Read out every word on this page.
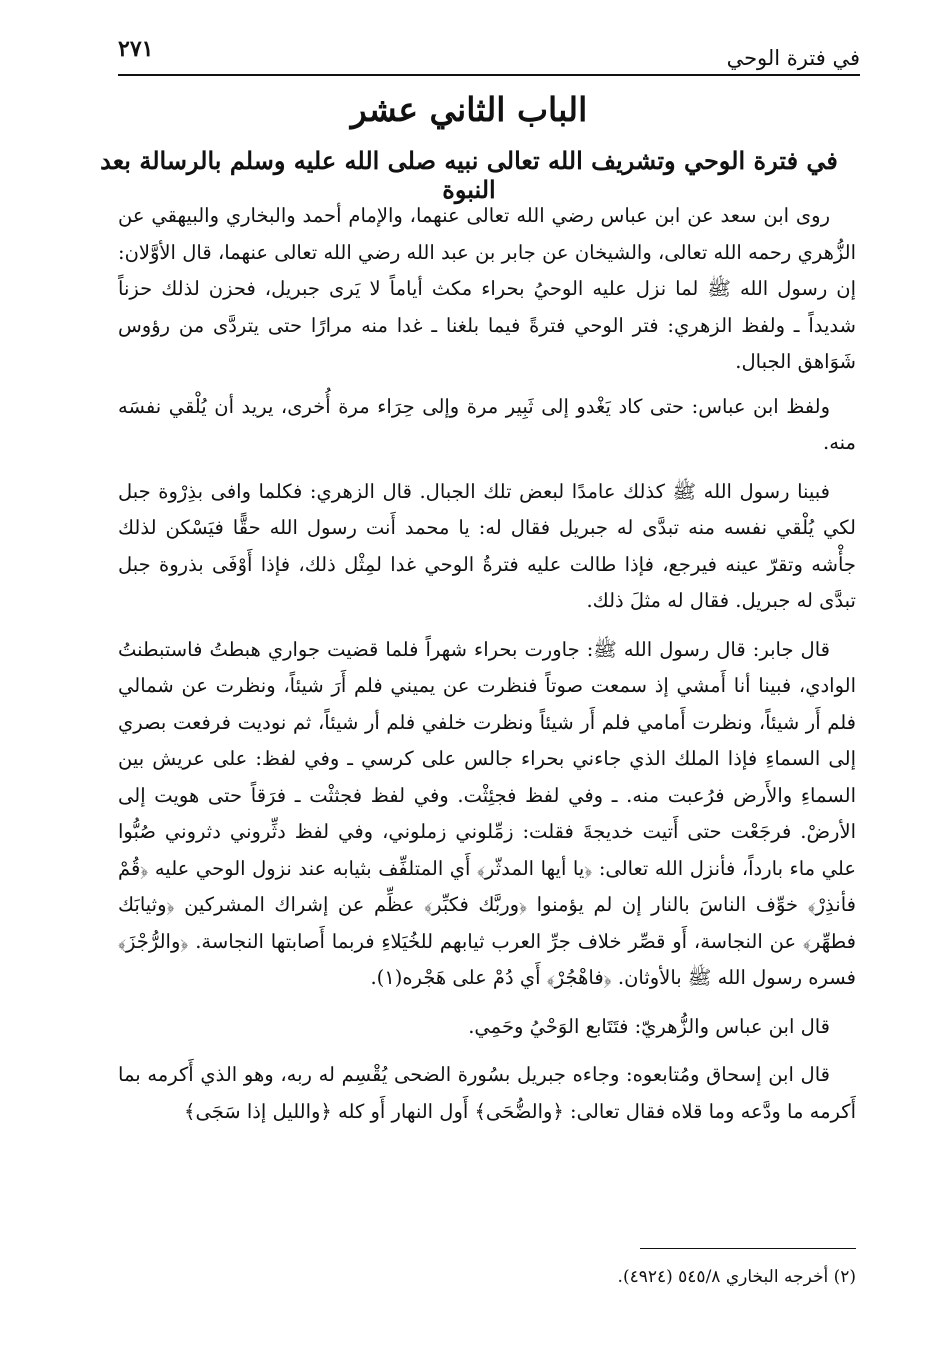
في فترة الوحي
٢٧١
الباب الثاني عشر
في فترة الوحي وتشريف الله تعالى نبيه صلى الله عليه وسلم بالرسالة بعد النبوة

روى ابن سعد عن ابن عباس رضي الله تعالى عنهما، والإمام أحمد والبخاري والبيهقي عن الزُّهري رحمه الله تعالى، والشيخان عن جابر بن عبد الله رضي الله تعالى عنهما، قال الأوَّلان: إن رسول الله ﷺ لما نزل عليه الوحيُ بحراء مكث أياماً لا يَرى جبريل، فحزن لذلك حزناً شديداً ـ ولفظ الزهري: فتر الوحي فترةً فيما بلغنا ـ غدا منه مرارًا حتى يتردَّى من رؤوس شَوَاهق الجبال.

ولفظ ابن عباس: حتى كاد يَغْدو إلى ثَبِير مرة وإلى حِرَاء مرة أُخرى، يريد أن يُلْقي نفسَه منه.

فبينا رسول الله ﷺ كذلك عامدًا لبعض تلك الجبال. قال الزهري: فكلما وافى بذِرْوة جبل لكي يُلْقي نفسه منه تبدَّى له جبريل فقال له: يا محمد أَنت رسول الله حقًّا فيَسْكن لذلك جأْشه وتقرّ عينه فيرجع، فإذا طالت عليه فترةُ الوحي غدا لمِثْل ذلك، فإذا أَوْفَى بذروة جبل تبدَّى له جبريل. فقال له مثلَ ذلك.

قال جابر: قال رسول الله ﷺ: جاورت بحراء شهراً فلما قضيت جواري هبطتُ فاستبطنتُ الوادي، فبينا أنا أَمشي إذ سمعت صوتاً فنظرت عن يميني فلم أَرَ شيئاً، ونظرت عن شمالي فلم أَر شيئاً، ونظرت أَمامي فلم أَر شيئاً ونظرت خلفي فلم أر شيئاً، ثم نوديت فرفعت بصري إلى السماءِ فإذا الملك الذي جاءني بحراء جالس على كرسي ـ وفي لفظ: على عريش بين السماءِ والأَرض فرُعبت منه. ـ وفي لفظ فجئِثْت. وفي لفظ فجثثْت ـ فرَقاً حتى هويت إلى الأرضْ. فرجَعْت حتى أَتيت خديجةَ فقلت: زمِّلوني زملوني، وفي لفظ دثِّروني دثروني صُبُّوا علي ماء بارداً، فأنزل الله تعالى: ﴿يا أيها المدثّر﴾ أَي المتلفِّف بثيابه عند نزول الوحي عليه ﴿قُمْ فأنذِرْ﴾ خوِّف الناسَ بالنار إن لم يؤمنوا ﴿وربَّك فكبِّر﴾ عظِّم عن إشراك المشركين ﴿وثيابَك فطهِّر﴾ عن النجاسة، أَو قصِّر خلاف جرِّ العرب ثيابهم للخُيَلاءِ فربما أَصابتها النجاسة. ﴿والرُّجْزَ﴾ فسره رسول الله ﷺ بالأوثان. ﴿فاهْجُرْ﴾ أَي دُمْ على هَجْره(١).

قال ابن عباس والزُّهريّ: فتَتَابع الوَحْيُ وحَمِي.

قال ابن إسحاق ومُتابعوه: وجاءه جبريل بسُورة الضحى يُقْسِم له ربه، وهو الذي أَكرمه بما أَكرمه ما ودَّعه وما قلاه فقال تعالى: ﴿والضُّحَى﴾ أَول النهار أَو كله ﴿والليل إذا سَجَى﴾

(٢) أخرجه البخاري ٥٤٥/٨ (٤٩٢٤).
